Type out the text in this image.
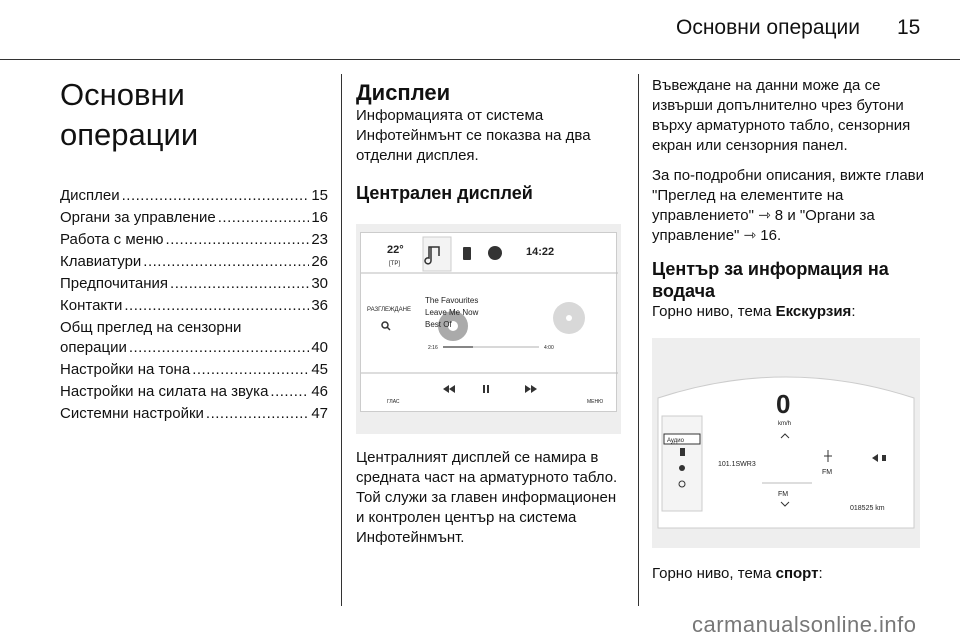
Основни операции 15
Основни операции
Дисплеи .....	15
Органи за управление .....	16
Работа с меню .....	23
Клавиатури .....	26
Предпочитания .....	30
Контакти .....	36
Общ преглед на сензорни
операции .....	40
Настройки на тона .....	45
Настройки на силата на звука .....	46
Системни настройки .....	47
Дисплеи

Информацията от система Инфотейнмънт се показва на два отделни дисплея.

Централен дисплей
14:22
[TP]
22°
РАЗГЛЕЖДАНЕ
The Favourites
Leave Me Now
Best Of
2:16	4:00
ГЛАС	МЕНЮ

Централният дисплей се намира в средната част на арматурното табло. Той служи за главен информационен и контролен център на система Инфотейнмънт.

Въвеждане на данни може да се извърши допълнително чрез бутони върху арматурното табло, сензорния екран или сензорния панел.

За по-подробни описания, вижте глави "Преглед на елементите на управлението" ⇾ 8 и "Органи за управление" ⇾ 16.

Център за информация на водача

Горно ниво, тема Екскурзия:

0
km/h
Аудио
101.1SWR3
FM
FM
018525 km

Горно ниво, тема спорт:

carmanualsonline.info
